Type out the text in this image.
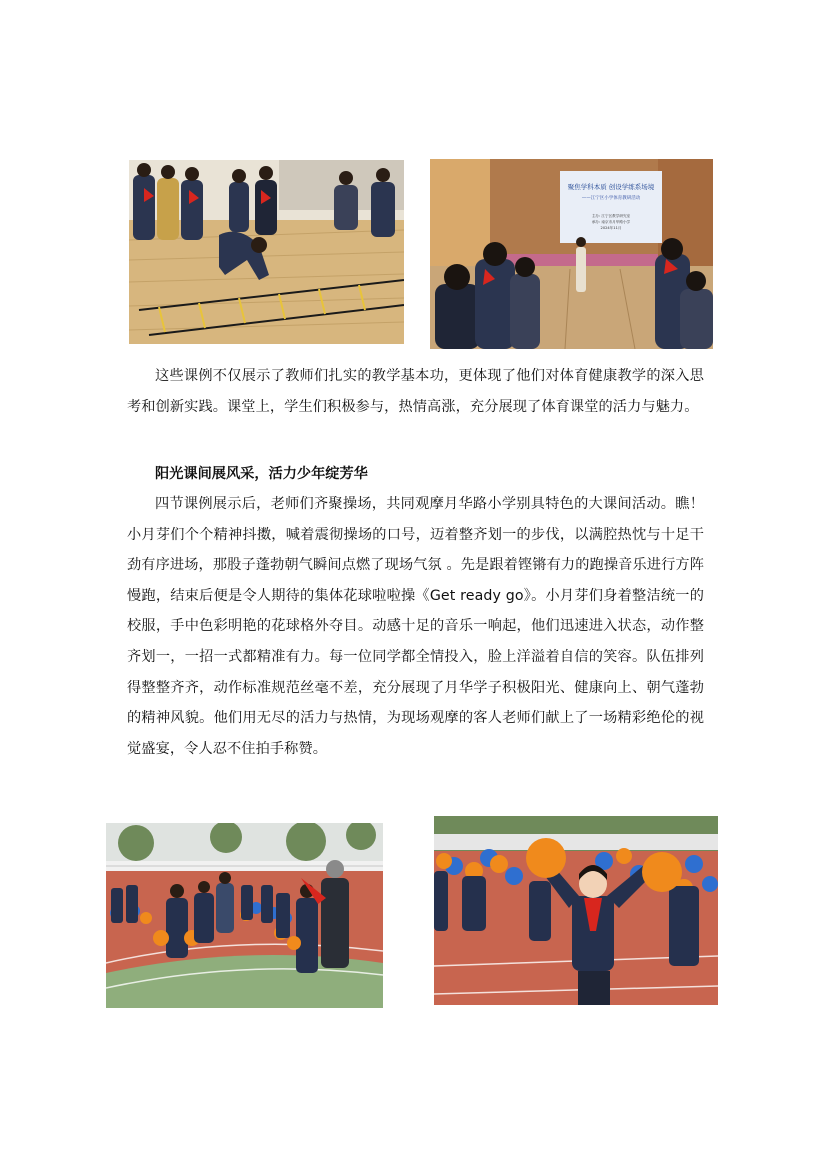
聚焦学科本质 创设学练系场境
——江宁区小学体育教研活动
主办: 江宁区教学研究室
承办: 南京市月华路小学
2024年11月

这些课例不仅展示了教师们扎实的教学基本功，更体现了他们对体育健康教学的深入思考和创新实践。课堂上，学生们积极参与，热情高涨，充分展现了体育课堂的活力与魅力。

阳光课间展风采，活力少年绽芳华

四节课例展示后，老师们齐聚操场，共同观摩月华路小学别具特色的大课间活动。瞧！小月芽们个个精神抖擞，喊着震彻操场的口号，迈着整齐划一的步伐，以满腔热忱与十足干劲有序进场，那股子蓬勃朝气瞬间点燃了现场气氛 。先是跟着铿锵有力的跑操音乐进行方阵慢跑，结束后便是令人期待的集体花球啦啦操《Get ready go》。小月芽们身着整洁统一的校服，手中色彩明艳的花球格外夺目。动感十足的音乐一响起，他们迅速进入状态，动作整齐划一，一招一式都精准有力。每一位同学都全情投入，脸上洋溢着自信的笑容。队伍排列得整整齐齐，动作标准规范丝毫不差，充分展现了月华学子积极阳光、健康向上、朝气蓬勃的精神风貌。他们用无尽的活力与热情，为现场观摩的客人老师们献上了一场精彩绝伦的视觉盛宴，令人忍不住拍手称赞。
